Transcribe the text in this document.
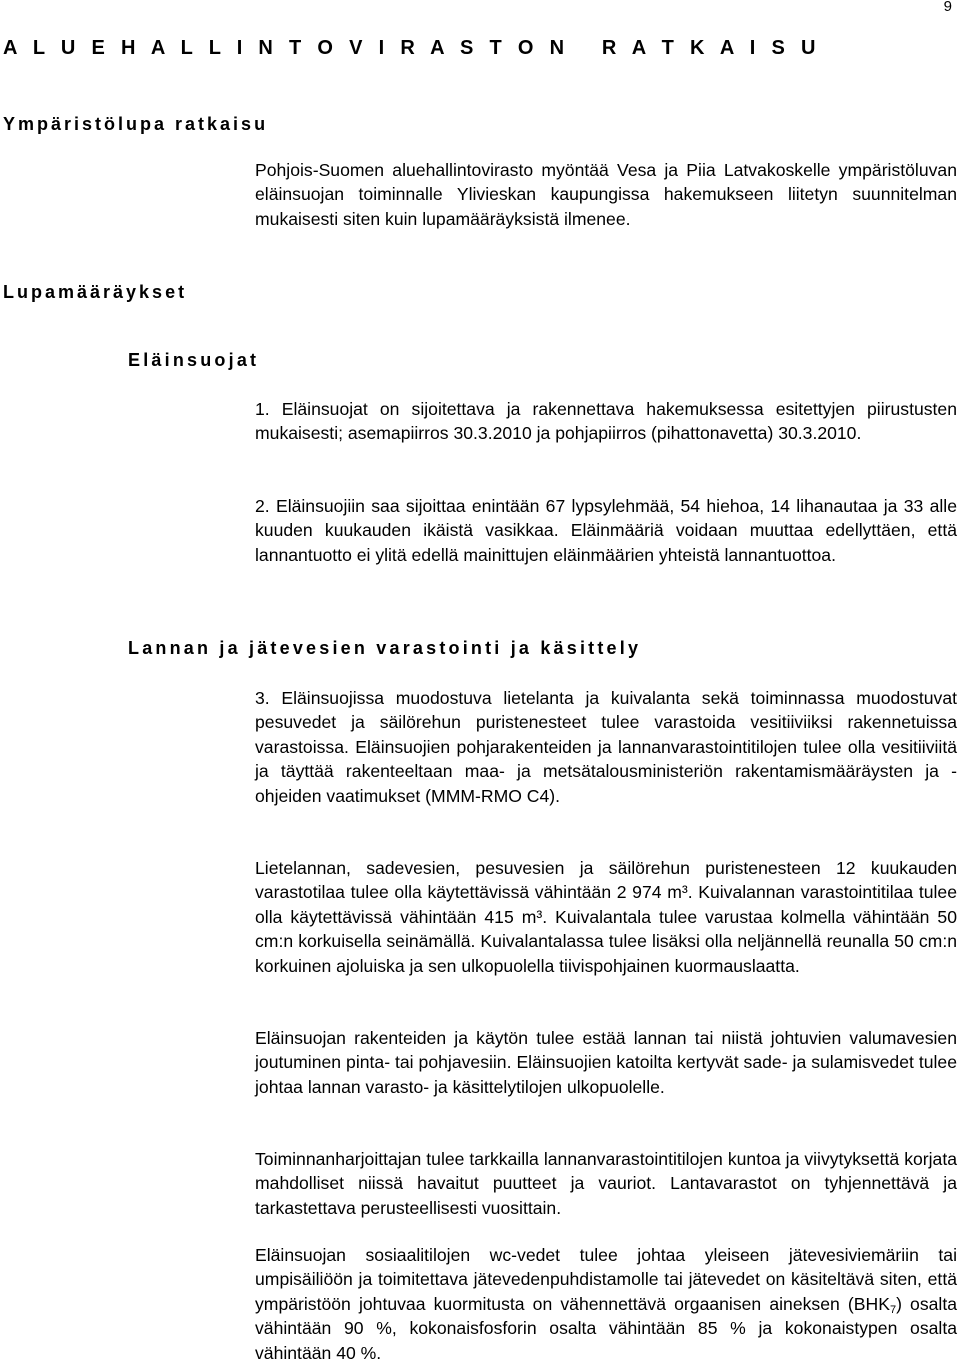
9
A L U E H A L L I N T O V I R A S T O N   R A T K A I S U
Ympäristölupa ratkaisu

Pohjois-Suomen aluehallintovirasto myöntää Vesa ja Piia Latvakoskelle ympäristöluvan eläinsuojan toiminnalle Ylivieskan kaupungissa hakemukseen liitetyn suunnitelman mukaisesti siten kuin lupamääräyksistä ilmenee.

Lupamääräykset
Eläinsuojat

1. Eläinsuojat on sijoitettava ja rakennettava hakemuksessa esitettyjen piirustusten mukaisesti; asemapiirros 30.3.2010 ja pohjapiirros (pihattonavetta) 30.3.2010.

2. Eläinsuojiin saa sijoittaa enintään 67 lypsylehmää, 54 hiehoa, 14 lihanautaa ja 33 alle kuuden kuukauden ikäistä vasikkaa. Eläinmääriä voidaan muuttaa edellyttäen, että lannantuotto ei ylitä edellä mainittujen eläinmäärien yhteistä lannantuottoa.

Lannan ja jätevesien varastointi ja käsittely

3. Eläinsuojissa muodostuva lietelanta ja kuivalanta sekä toiminnassa muodostuvat pesuvedet ja säilörehun puristenesteet tulee varastoida vesitiiviiksi rakennetuissa varastoissa. Eläinsuojien pohjarakenteiden ja lannanvarastointitilojen tulee olla vesitiiviitä ja täyttää rakenteeltaan maa- ja metsätalousministeriön rakentamismääräysten ja -ohjeiden vaatimukset (MMM-RMO C4).

Lietelannan, sadevesien, pesuvesien ja säilörehun puristenesteen 12 kuukauden varastotilaa tulee olla käytettävissä vähintään 2 974 m³. Kuivalannan varastointitilaa tulee olla käytettävissä vähintään 415 m³. Kuivalantala tulee varustaa kolmella vähintään 50 cm:n korkuisella seinämällä. Kuivalantalassa tulee lisäksi olla neljännellä reunalla 50 cm:n korkuinen ajoluiska ja sen ulkopuolella tiivispohjainen kuormauslaatta.

Eläinsuojan rakenteiden ja käytön tulee estää lannan tai niistä johtuvien valumavesien joutuminen pinta- tai pohjavesiin. Eläinsuojien katoilta kertyvät sade- ja sulamisvedet tulee johtaa lannan varasto- ja käsittelytilojen ulkopuolelle.

Toiminnanharjoittajan tulee tarkkailla lannanvarastointitilojen kuntoa ja viivytyksettä korjata mahdolliset niissä havaitut puutteet ja vauriot. Lantavarastot on tyhjennettävä ja tarkastettava perusteellisesti vuosittain.

Eläinsuojan sosiaalitilojen wc-vedet tulee johtaa yleiseen jätevesiviemäriin tai umpisäiliöön ja toimitettava jätevedenpuhdistamolle tai jätevedet on käsiteltävä siten, että ympäristöön johtuvaa kuormitusta on vähennettävä orgaanisen aineksen $(BHK_7)$ osalta vähintään 90 %, kokonaisfosforin osalta vähintään 85 % ja kokonaistypen osalta vähintään 40 %.
